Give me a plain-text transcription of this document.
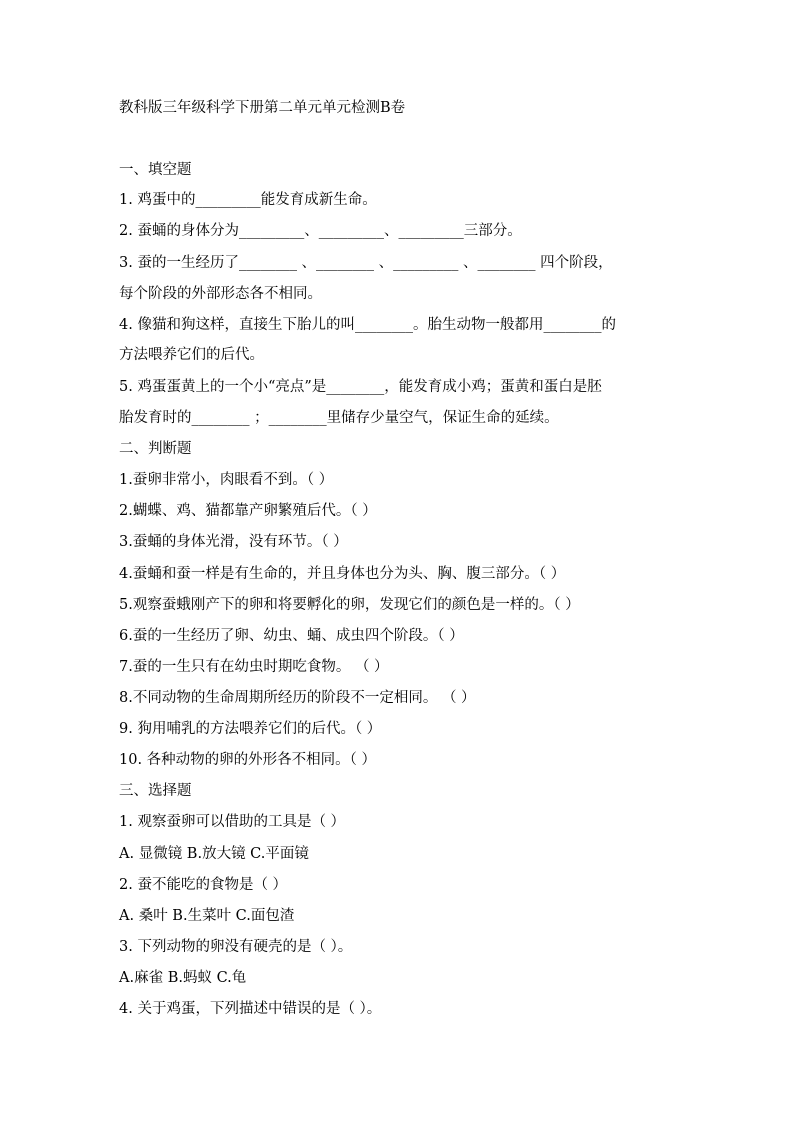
教科版三年级科学下册第二单元单元检测B卷
一、填空题
1. 鸡蛋中的_________能发育成新生命。
2. 蚕蛹的身体分为_________、_________、_________三部分。
3. 蚕的一生经历了________ 、________ 、_________ 、________ 四个阶段，
每个阶段的外部形态各不相同。
4. 像猫和狗这样，直接生下胎儿的叫________。胎生动物一般都用________的
方法喂养它们的后代。
5. 鸡蛋蛋黄上的一个小“亮点”是________，能发育成小鸡；蛋黄和蛋白是胚
胎发育时的________ ；________里储存少量空气，保证生命的延续。
二、判断题
1.蚕卵非常小，肉眼看不到。（ ）
2.蝴蝶、鸡、猫都靠产卵繁殖后代。（ ）
3.蚕蛹的身体光滑，没有环节。（ ）
4.蚕蛹和蚕一样是有生命的，并且身体也分为头、胸、腹三部分。（ ）
5.观察蚕蛾刚产下的卵和将要孵化的卵，发现它们的颜色是一样的。（ ）
6.蚕的一生经历了卵、幼虫、蛹、成虫四个阶段。（ ）
7.蚕的一生只有在幼虫时期吃食物。 （ ）
8.不同动物的生命周期所经历的阶段不一定相同。 （ ）
9. 狗用哺乳的方法喂养它们的后代。（ ）
10. 各种动物的卵的外形各不相同。（ ）
三、选择题
1. 观察蚕卵可以借助的工具是（ ）
A. 显微镜 B.放大镜 C.平面镜
2. 蚕不能吃的食物是（ ）
A. 桑叶 B.生菜叶 C.面包渣
3. 下列动物的卵没有硬壳的是（ ）。
A.麻雀 B.蚂蚁 C.龟
4. 关于鸡蛋，下列描述中错误的是（ ）。
